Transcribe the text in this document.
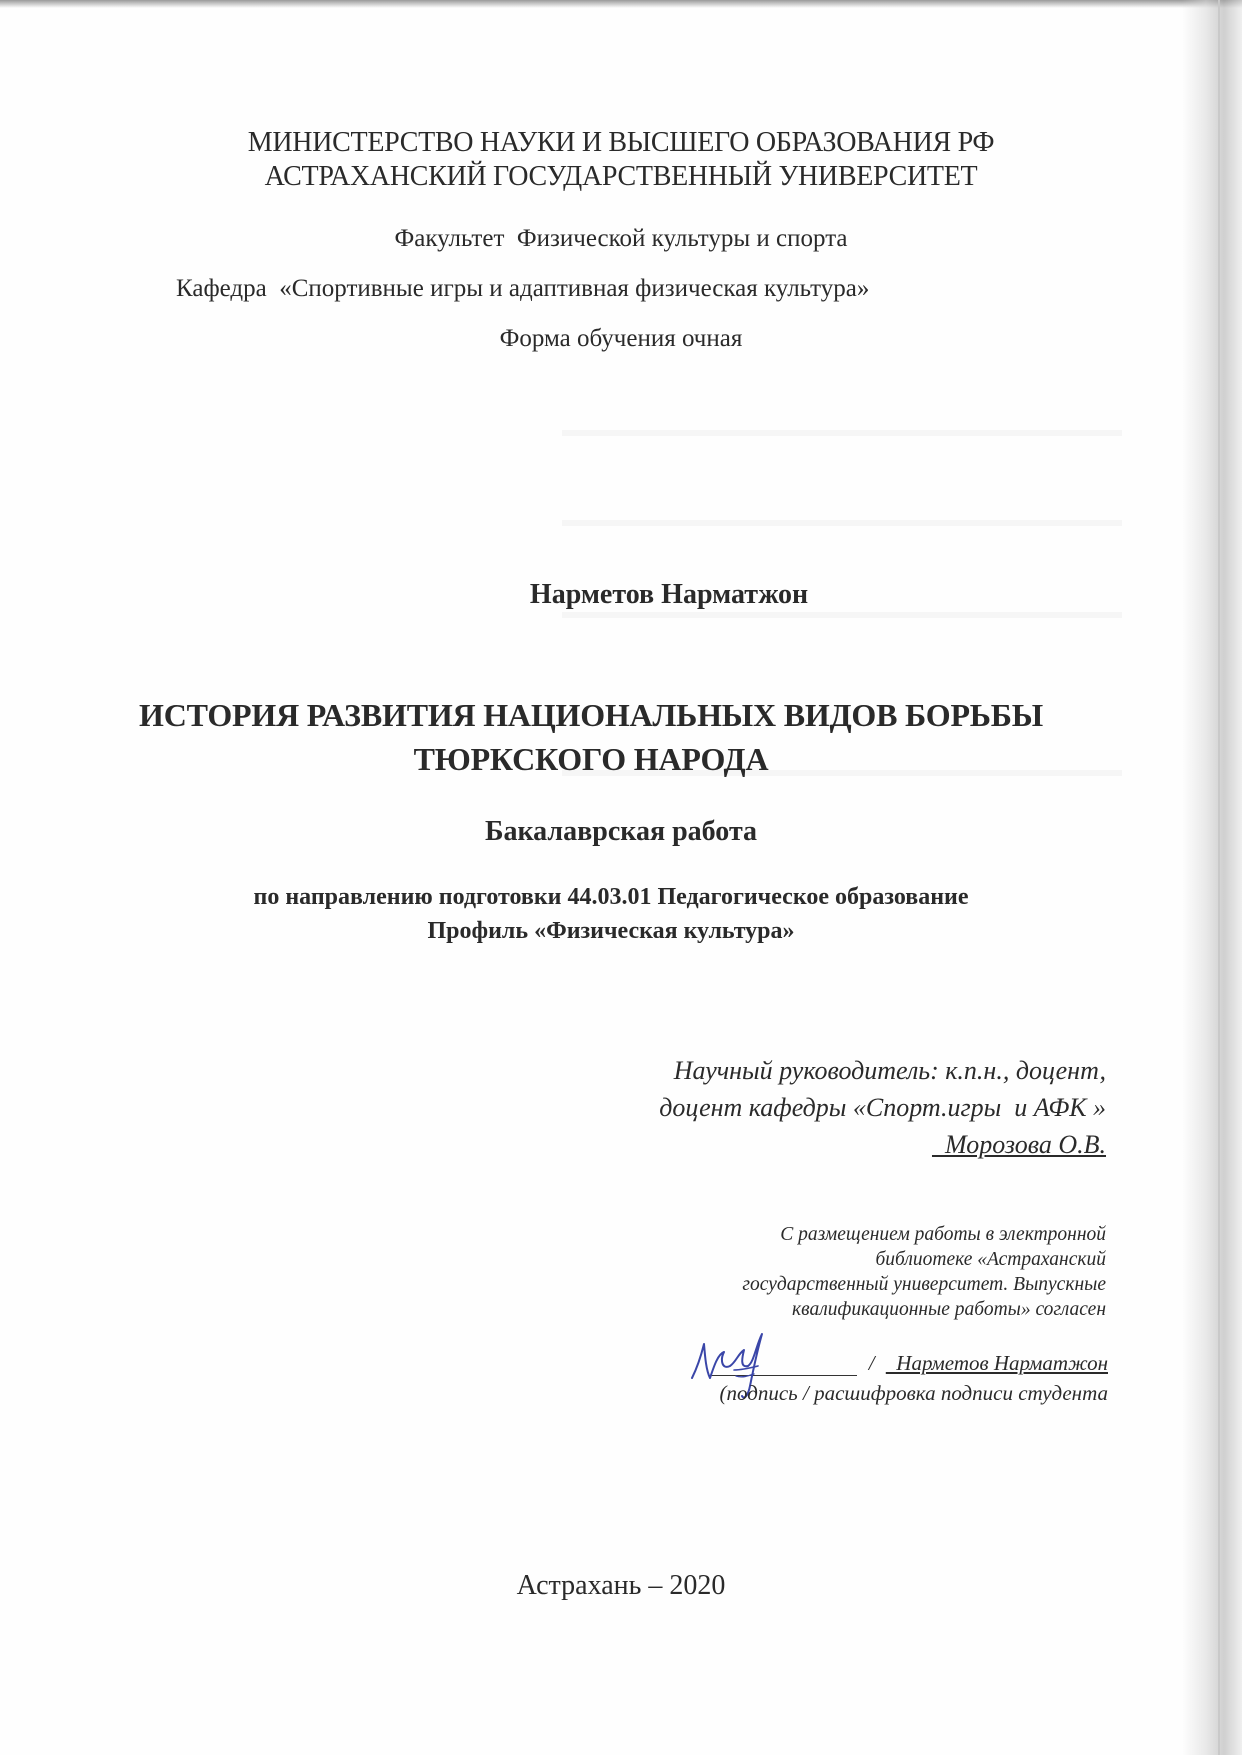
МИНИСТЕРСТВО НАУКИ И ВЫСШЕГО ОБРАЗОВАНИЯ РФ
АСТРАХАНСКИЙ ГОСУДАРСТВЕННЫЙ УНИВЕРСИТЕТ
Факультет  Физической культуры и спорта
Кафедра  «Спортивные игры и адаптивная физическая культура»
Форма обучения очная
Нарметов Нарматжон
ИСТОРИЯ РАЗВИТИЯ НАЦИОНАЛЬНЫХ ВИДОВ БОРЬБЫ
ТЮРКСКОГО НАРОДА
Бакалаврская работа
по направлению подготовки 44.03.01 Педагогическое образование
Профиль «Физическая культура»
Научный руководитель: к.п.н., доцент,
доцент кафедры «Спорт.игры  и АФК »
Морозова О.В.
С размещением работы в электронной
библиотеке «Астраханский
государственный университет. Выпускные
квалификационные работы» согласен
/   Нарметов Нарматжон
(подпись / расшифровка подписи студента
Астрахань – 2020
